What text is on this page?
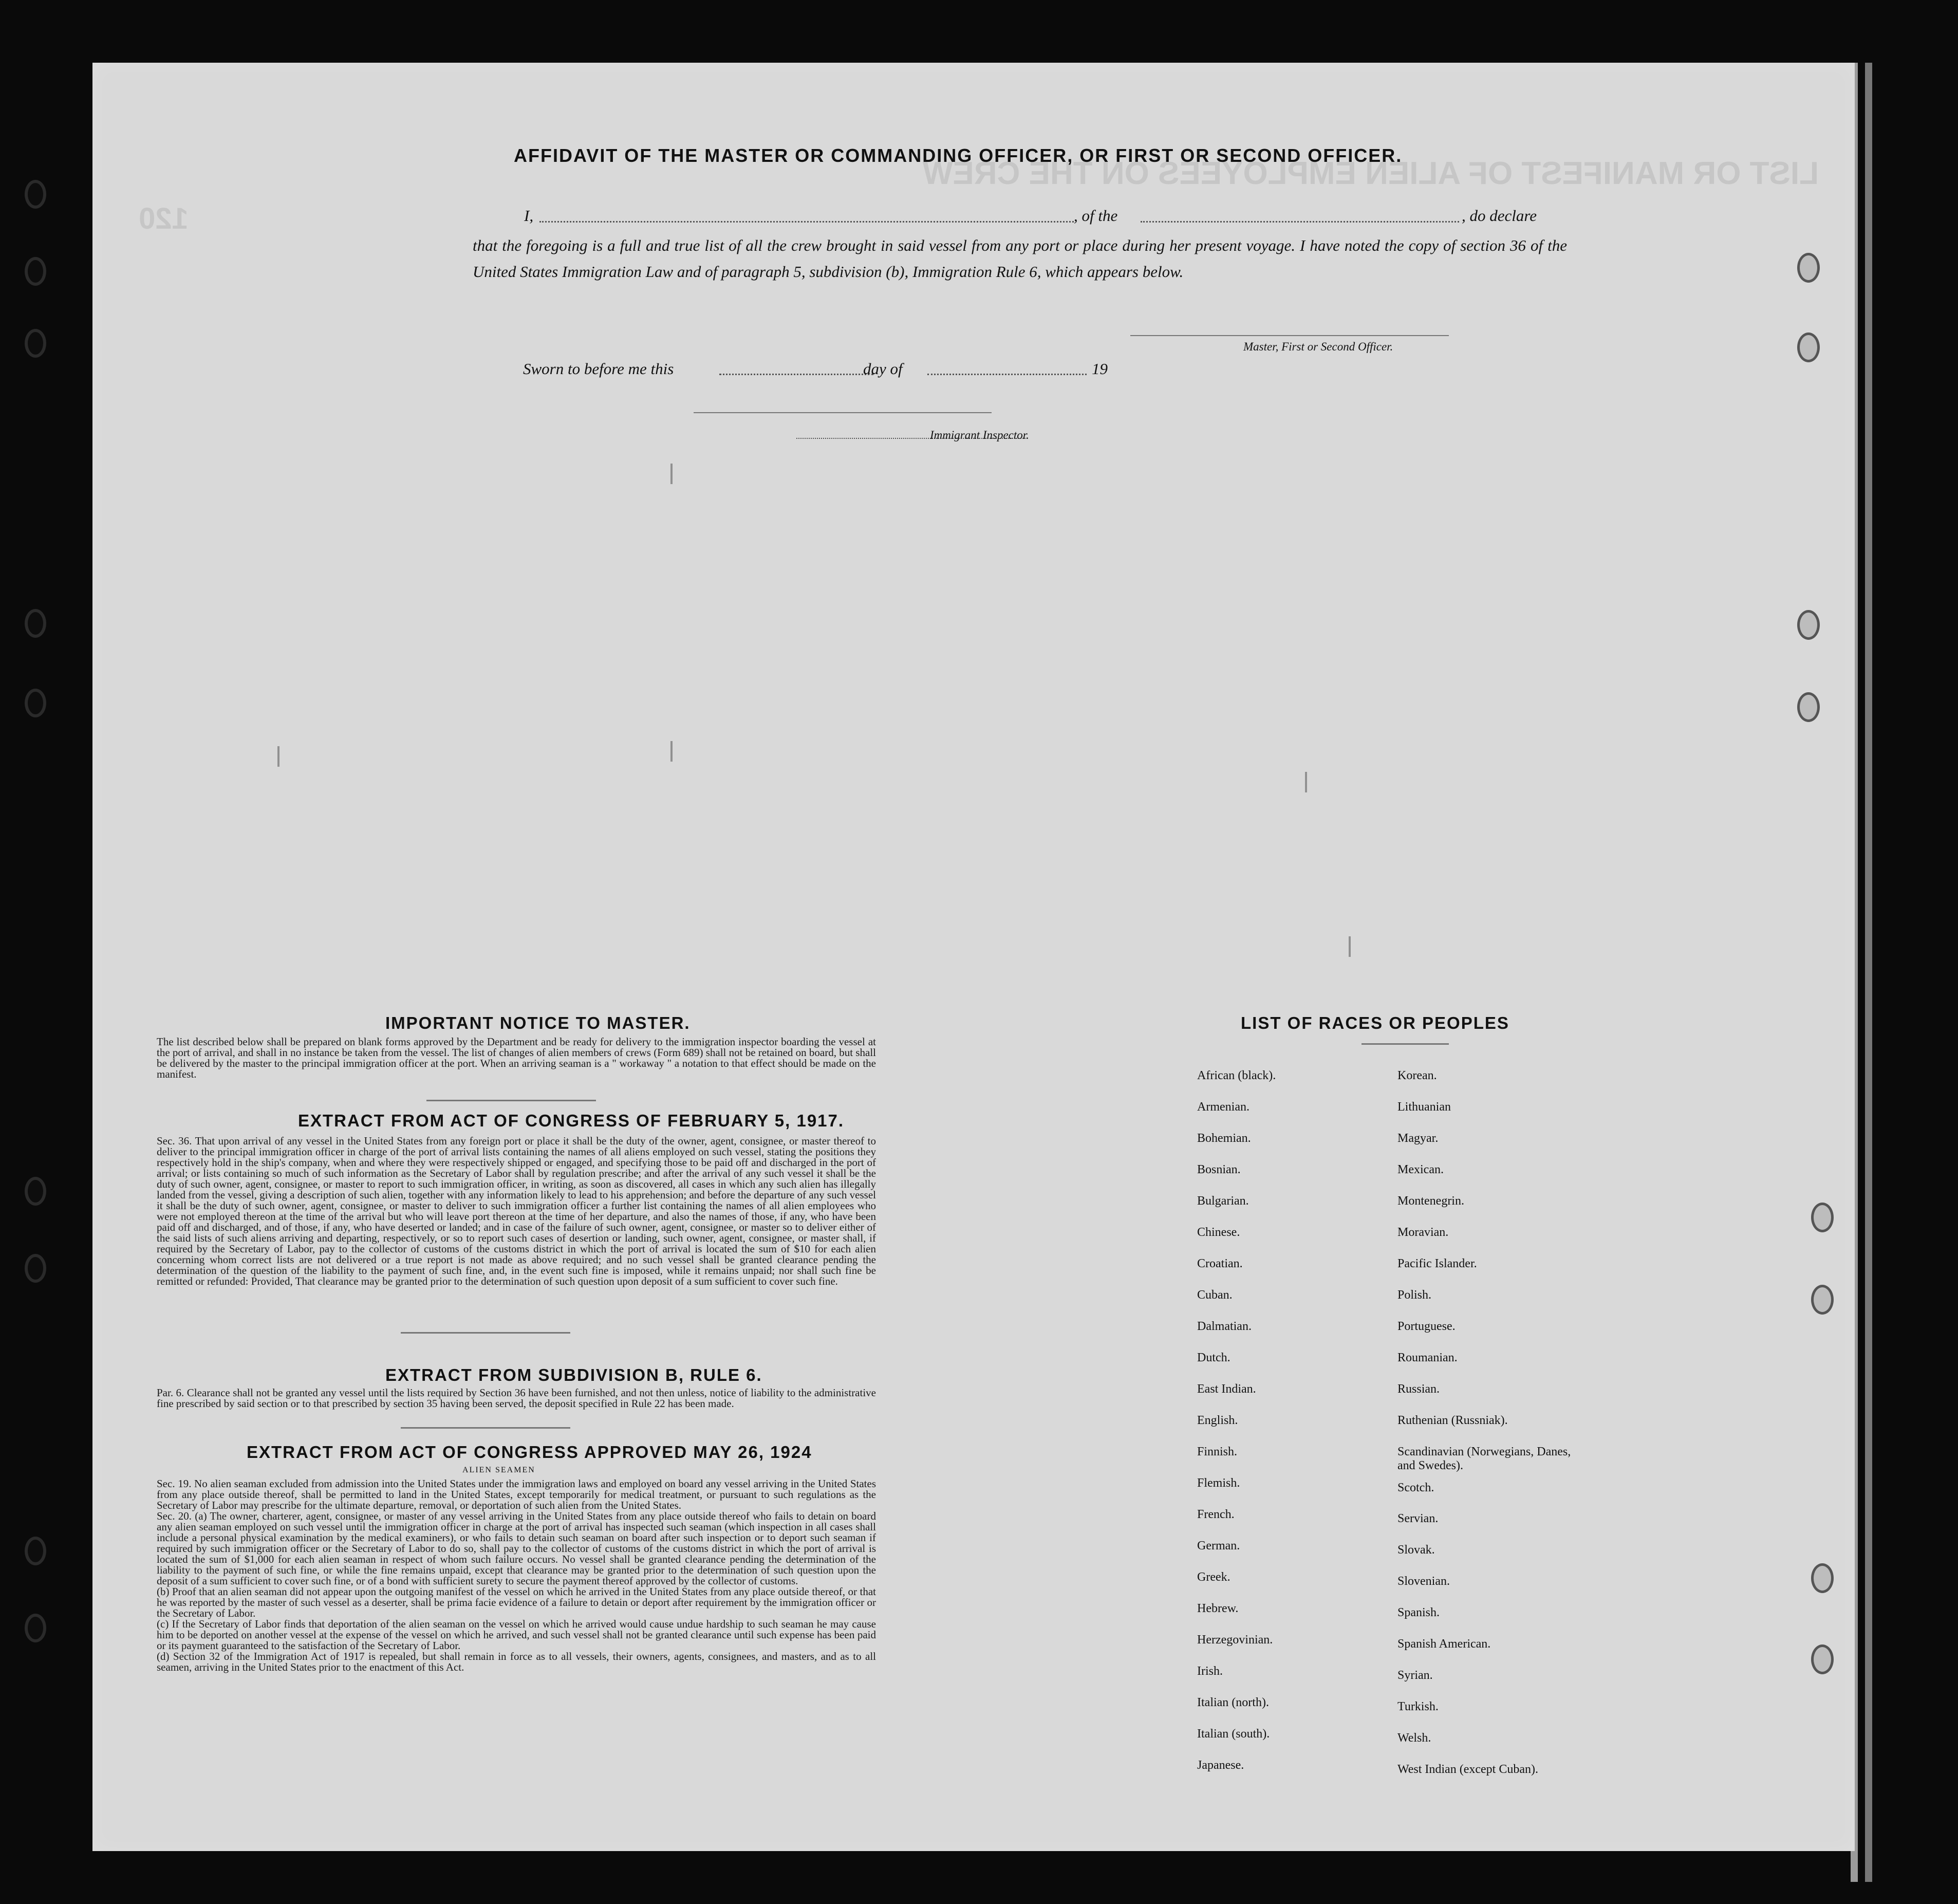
LIST OR MANIFEST OF ALIEN EMPLOYEES ON THE CREW
120
AFFIDAVIT OF THE MASTER OR COMMANDING OFFICER, OR FIRST OR SECOND OFFICER.
I,	, of the	, do declare
that the foregoing is a full and true list of all the crew brought in said vessel from any port or place during her present voyage. I have noted the copy of section 36 of the United States Immigration Law and of paragraph 5, subdivision (b), Immigration Rule 6, which appears below.
Master, First or Second Officer.
Sworn to before me this	day of	19
Immigrant Inspector.
IMPORTANT NOTICE TO MASTER.
The list described below shall be prepared on blank forms approved by the Department and be ready for delivery to the immigration inspector boarding the vessel at the port of arrival, and shall in no instance be taken from the vessel. The list of changes of alien members of crews (Form 689) shall not be retained on board, but shall be delivered by the master to the principal immigration officer at the port. When an arriving seaman is a " workaway " a notation to that effect should be made on the manifest.
EXTRACT FROM ACT OF CONGRESS OF FEBRUARY 5, 1917.
Sec. 36. That upon arrival of any vessel in the United States from any foreign port or place it shall be the duty of the owner, agent, consignee, or master thereof to deliver to the principal immigration officer in charge of the port of arrival lists containing the names of all aliens employed on such vessel, stating the positions they respectively hold in the ship's company, when and where they were respectively shipped or engaged, and specifying those to be paid off and discharged in the port of arrival; or lists containing so much of such information as the Secretary of Labor shall by regulation prescribe; and after the arrival of any such vessel it shall be the duty of such owner, agent, consignee, or master to report to such immigration officer, in writing, as soon as discovered, all cases in which any such alien has illegally landed from the vessel, giving a description of such alien, together with any information likely to lead to his apprehension; and before the departure of any such vessel it shall be the duty of such owner, agent, consignee, or master to deliver to such immigration officer a further list containing the names of all alien employees who were not employed thereon at the time of the arrival but who will leave port thereon at the time of her departure, and also the names of those, if any, who have been paid off and discharged, and of those, if any, who have deserted or landed; and in case of the failure of such owner, agent, consignee, or master so to deliver either of the said lists of such aliens arriving and departing, respectively, or so to report such cases of desertion or landing, such owner, agent, consignee, or master shall, if required by the Secretary of Labor, pay to the collector of customs of the customs district in which the port of arrival is located the sum of $10 for each alien concerning whom correct lists are not delivered or a true report is not made as above required; and no such vessel shall be granted clearance pending the determination of the question of the liability to the payment of such fine, and, in the event such fine is imposed, while it remains unpaid; nor shall such fine be remitted or refunded: Provided, That clearance may be granted prior to the determination of such question upon deposit of a sum sufficient to cover such fine.
EXTRACT FROM SUBDIVISION B, RULE 6.
Par. 6. Clearance shall not be granted any vessel until the lists required by Section 36 have been furnished, and not then unless, notice of liability to the administrative fine prescribed by said section or to that prescribed by section 35 having been served, the deposit specified in Rule 22 has been made.
EXTRACT FROM ACT OF CONGRESS APPROVED MAY 26, 1924
ALIEN SEAMEN
Sec. 19. No alien seaman excluded from admission into the United States under the immigration laws and employed on board any vessel arriving in the United States from any place outside thereof, shall be permitted to land in the United States, except temporarily for medical treatment, or pursuant to such regulations as the Secretary of Labor may prescribe for the ultimate departure, removal, or deportation of such alien from the United States.
Sec. 20. (a) The owner, charterer, agent, consignee, or master of any vessel arriving in the United States from any place outside thereof who fails to detain on board any alien seaman employed on such vessel until the immigration officer in charge at the port of arrival has inspected such seaman (which inspection in all cases shall include a personal physical examination by the medical examiners), or who fails to detain such seaman on board after such inspection or to deport such seaman if required by such immigration officer or the Secretary of Labor to do so, shall pay to the collector of customs of the customs district in which the port of arrival is located the sum of $1,000 for each alien seaman in respect of whom such failure occurs. No vessel shall be granted clearance pending the determination of the liability to the payment of such fine, or while the fine remains unpaid, except that clearance may be granted prior to the determination of such question upon the deposit of a sum sufficient to cover such fine, or of a bond with sufficient surety to secure the payment thereof approved by the collector of customs.
(b) Proof that an alien seaman did not appear upon the outgoing manifest of the vessel on which he arrived in the United States from any place outside thereof, or that he was reported by the master of such vessel as a deserter, shall be prima facie evidence of a failure to detain or deport after requirement by the immigration officer or the Secretary of Labor.
(c) If the Secretary of Labor finds that deportation of the alien seaman on the vessel on which he arrived would cause undue hardship to such seaman he may cause him to be deported on another vessel at the expense of the vessel on which he arrived, and such vessel shall not be granted clearance until such expense has been paid or its payment guaranteed to the satisfaction of the Secretary of Labor.
(d) Section 32 of the Immigration Act of 1917 is repealed, but shall remain in force as to all vessels, their owners, agents, consignees, and masters, and as to all seamen, arriving in the United States prior to the enactment of this Act.
LIST OF RACES OR PEOPLES
African (black).
Armenian.
Bohemian.
Bosnian.
Bulgarian.
Chinese.
Croatian.
Cuban.
Dalmatian.
Dutch.
East Indian.
English.
Finnish.
Flemish.
French.
German.
Greek.
Hebrew.
Herzegovinian.
Irish.
Italian (north).
Italian (south).
Japanese.
Korean.
Lithuanian
Magyar.
Mexican.
Montenegrin.
Moravian.
Pacific Islander.
Polish.
Portuguese.
Roumanian.
Russian.
Ruthenian (Russniak).
Scandinavian (Norwegians, Danes, and Swedes).
Scotch.
Servian.
Slovak.
Slovenian.
Spanish.
Spanish American.
Syrian.
Turkish.
Welsh.
West Indian (except Cuban).
